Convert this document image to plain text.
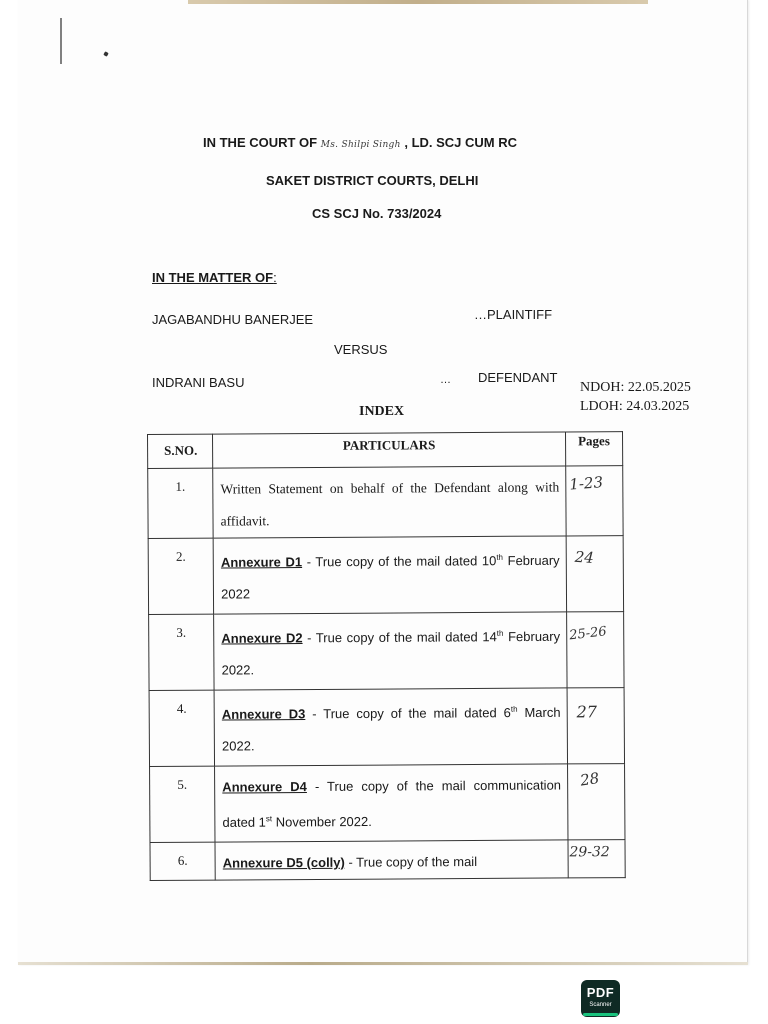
IN THE COURT OF Ms. Shilpi Singh , LD. SCJ CUM RC
SAKET DISTRICT COURTS, DELHI
CS SCJ No. 733/2024
IN THE MATTER OF:
JAGABANDHU BANERJEE	…PLAINTIFF
VERSUS
INDRANI BASU	… DEFENDANT
NDOH: 22.05.2025
LDOH: 24.03.2025
INDEX
S.NO.	PARTICULARS	Pages
1.	Written Statement on behalf of the Defendant along with affidavit.	1-23

2.	Annexure D1 - True copy of the mail dated 10th February 2022	24

3.	Annexure D2 - True copy of the mail dated 14th February 2022.	25-26

4.	Annexure D3 - True copy of the mail dated 6th March 2022.	27

5.	Annexure D4 - True copy of the mail communication dated 1st November 2022.	28

6.	Annexure D5 (colly) - True copy of the mail	29-32
PDF
Scanner
